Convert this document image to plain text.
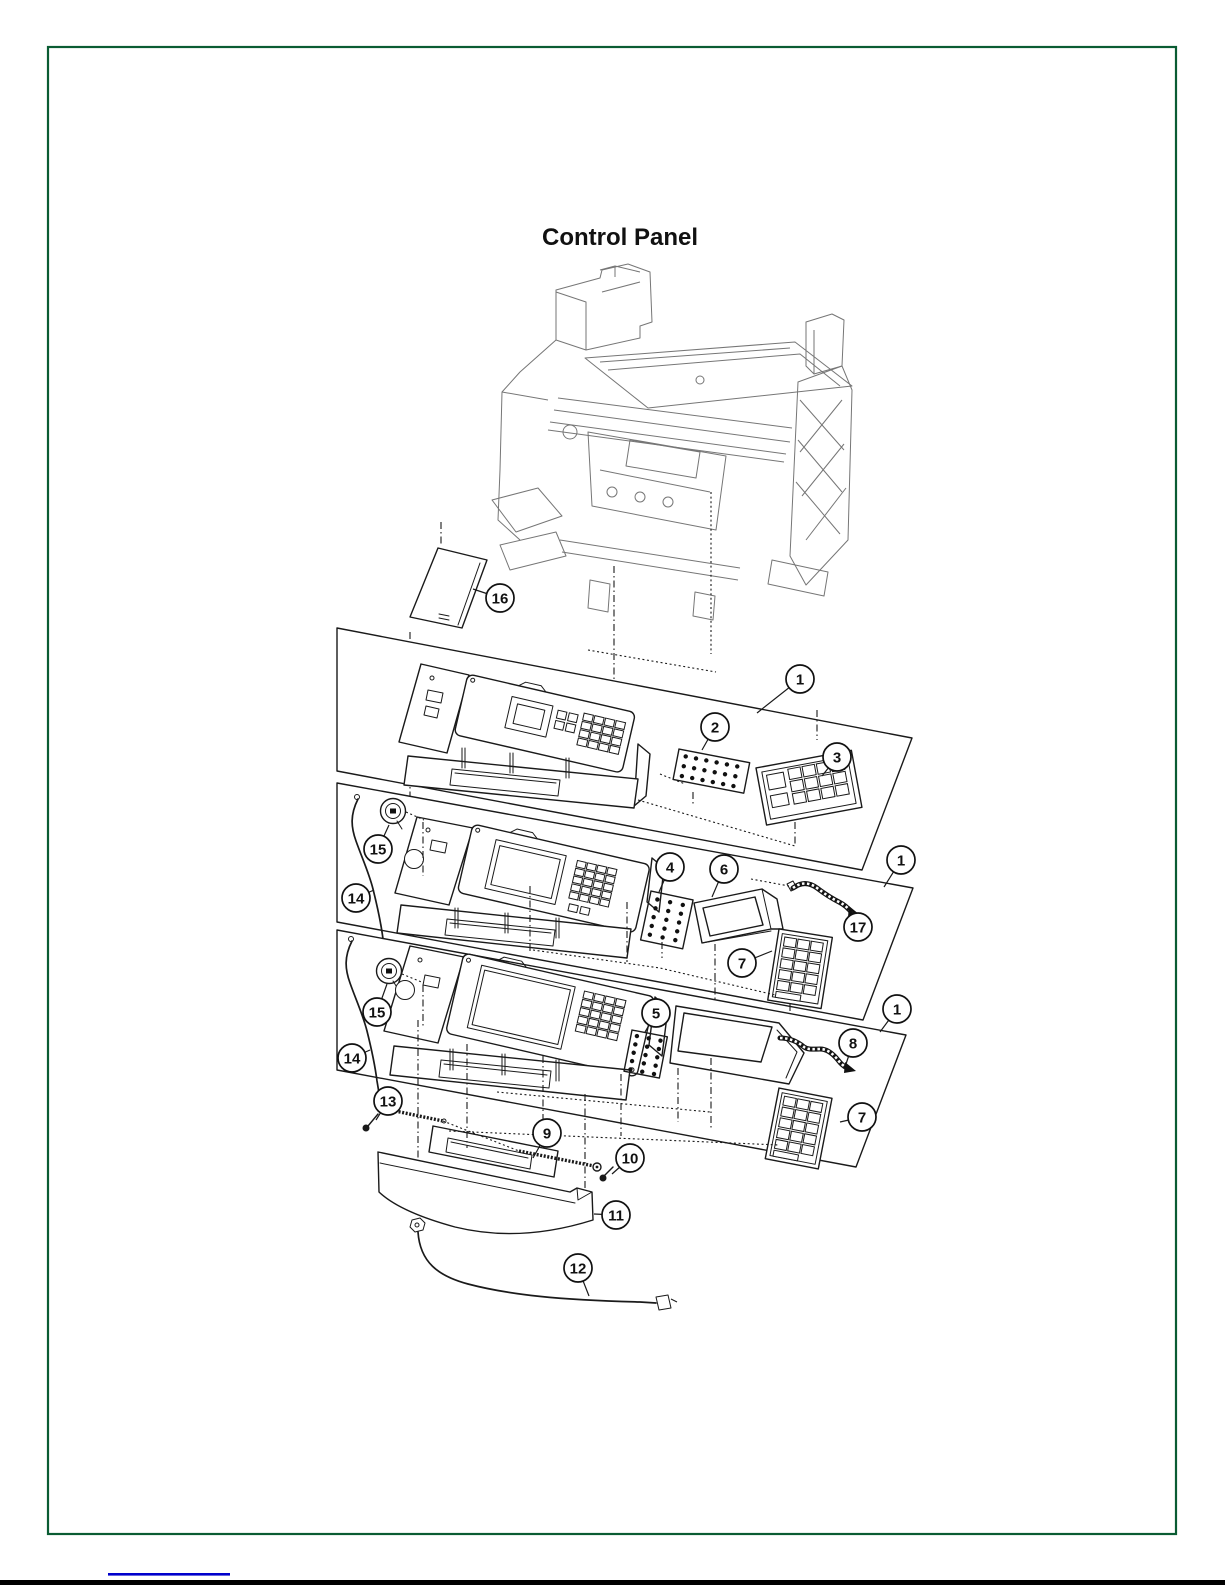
Control Panel
16
1
2
3
15
14
4	6
17
7
1
15
14
5
8
1
7
13
9
10
11
12
